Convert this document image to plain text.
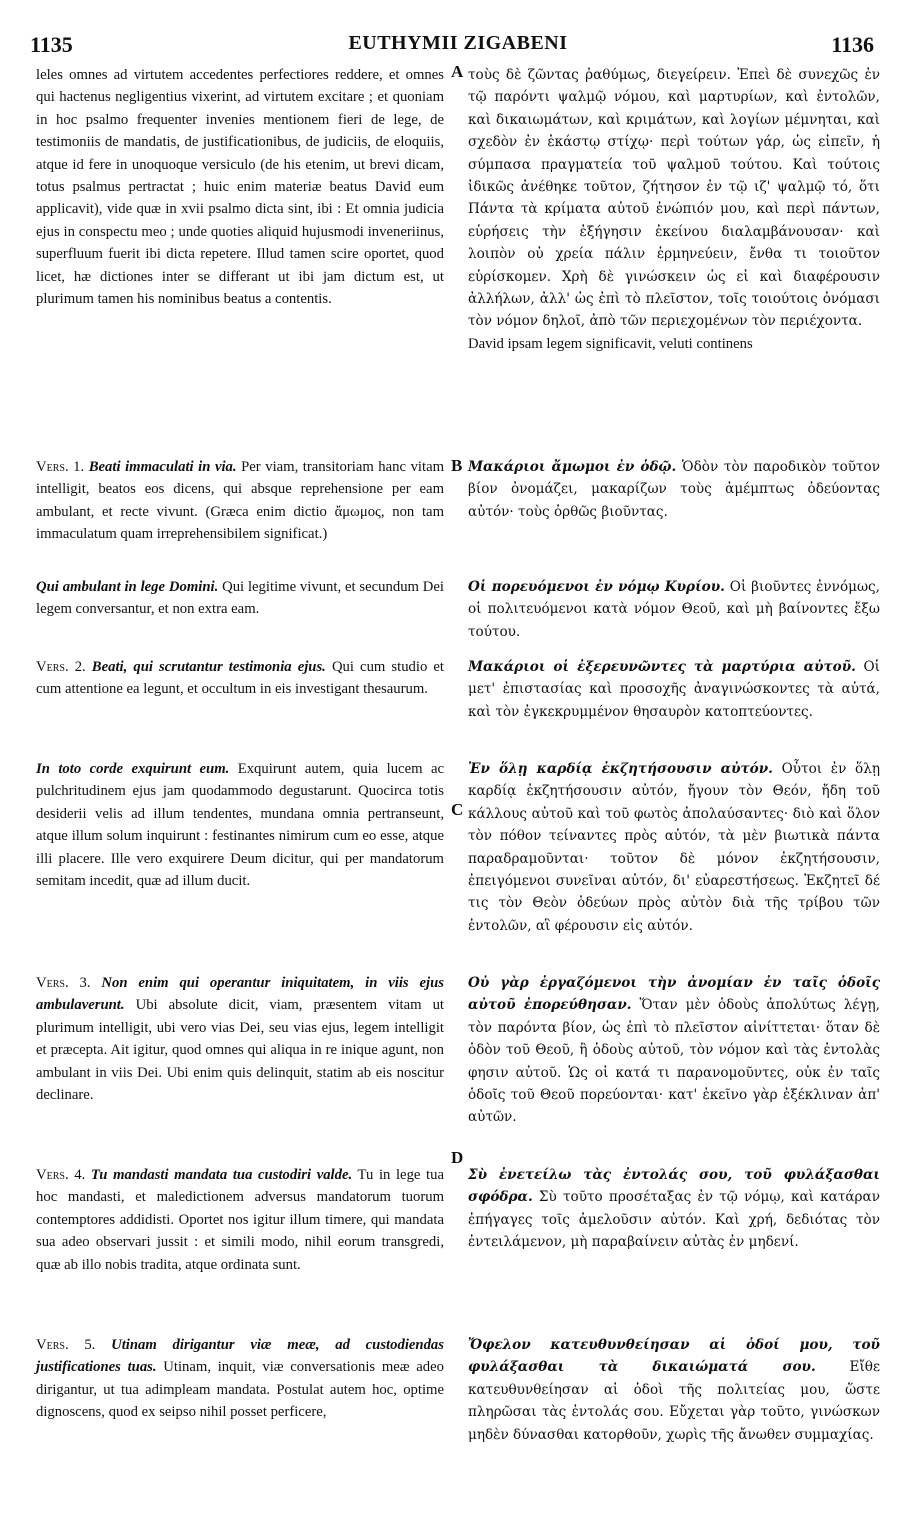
1135	EUTHYMII ZIGABENI	1136
A
B
C
D

leles omnes ad virtutem accedentes perfectiores reddere, et omnes qui hactenus negligentius vixerint, ad virtutem excitare ; et quoniam in hoc psalmo frequenter invenies mentionem fieri de lege, de testimoniis de mandatis, de justificationibus, de judiciis, de eloquiis, atque id fere in unoquoque versiculo (de his etenim, ut brevi dicam, totus psalmus pertractat ; huic enim materiæ beatus David eum applicavit), vide quæ in xvii psalmo dicta sint, ibi : Et omnia judicia ejus in conspectu meo ; unde quoties aliquid hujusmodi inveneriinus, superfluum fuerit ibi dicta repetere. Illud tamen scire oportet, quod licet, hæ dictiones inter se differant ut ibi jam dictum est, ut plurimum tamen his nominibus beatus a contentis.

Vers. 1. Beati immaculati in via. Per viam, transitoriam hanc vitam intelligit, beatos eos dicens, qui absque reprehensione per eam ambulant, et recte vivunt. (Græca enim dictio ἄμωμος, non tam immaculatum quam irreprehensibilem significat.)

Qui ambulant in lege Domini. Qui legitime vivunt, et secundum Dei legem conversantur, et non extra eam.

Vers. 2. Beati, qui scrutantur testimonia ejus. Qui cum studio et cum attentione ea legunt, et occultum in eis investigant thesaurum.

In toto corde exquirunt eum. Exquirunt autem, quia lucem ac pulchritudinem ejus jam quodammodo degustarunt. Quocirca totis desiderii velis ad illum tendentes, mundana omnia pertranseunt, atque illum solum inquirunt : festinantes nimirum cum eo esse, atque illi placere. Ille vero exquirere Deum dicitur, qui per mandatorum semitam incedit, quæ ad illum ducit.

Vers. 3. Non enim qui operantur iniquitatem, in viis ejus ambulaverunt. Ubi absolute dicit, viam, præsentem vitam ut plurimum intelligit, ubi vero vias Dei, seu vias ejus, legem intelligit et præcepta. Ait igitur, quod omnes qui aliqua in re inique agunt, non ambulant in viis Dei. Ubi enim quis delinquit, statim ab eis noscitur declinare.

Vers. 4. Tu mandasti mandata tua custodiri valde. Tu in lege tua hoc mandasti, et maledictionem adversus mandatorum tuorum contemptores addidisti. Oportet nos igitur illum timere, qui mandata sua adeo observari jussit : et simili modo, nihil eorum transgredi, quæ ab illo nobis tradita, atque ordinata sunt.

Vers. 5. Utinam dirigantur viæ meæ, ad custodiendas justificationes tuas. Utinam, inquit, viæ conversationis meæ adeo dirigantur, ut tua adimpleam mandata. Postulat autem hoc, optime dignoscens, quod ex seipso nihil posset perficere,

τοὺς δὲ ζῶντας ῥαθύμως, διεγείρειν. Ἐπεὶ δὲ συνεχῶς ἐν τῷ παρόντι ψαλμῷ νόμου, καὶ μαρτυρίων, καὶ ἐντολῶν, καὶ δικαιωμάτων, καὶ κριμάτων, καὶ λογίων μέμνηται, καὶ σχεδὸν ἐν ἑκάστῳ στίχῳ· περὶ τούτων γάρ, ὡς εἰπεῖν, ἡ σύμπασα πραγματεία τοῦ ψαλμοῦ τούτου. Καὶ τούτοις ἰδικῶς ἀνέθηκε τοῦτον, ζήτησον ἐν τῷ ιζ' ψαλμῷ τό, ὅτι Πάντα τὰ κρίματα αὐτοῦ ἐνώπιόν μου, καὶ περὶ πάντων, εὑρήσεις τὴν ἐξήγησιν ἐκείνου διαλαμβάνουσαν· καὶ λοιπὸν οὐ χρεία πάλιν ἑρμηνεύειν, ἔνθα τι τοιοῦτον εὑρίσκομεν. Χρὴ δὲ γινώσκειν ὡς εἰ καὶ διαφέρουσιν ἀλλήλων, ἀλλ' ὡς ἐπὶ τὸ πλεῖστον, τοῖς τοιούτοις ὀνόμασι τὸν νόμον δηλοῖ, ἀπὸ τῶν περιεχομένων τὸν περιέχοντα.

David ipsam legem significavit, veluti continens

Μακάριοι ἄμωμοι ἐν ὁδῷ. Ὁδὸν τὸν παροδικὸν τοῦτον βίον ὀνομάζει, μακαρίζων τοὺς ἀμέμπτως ὁδεύοντας αὐτόν· τοὺς ὀρθῶς βιοῦντας.

Οἱ πορευόμενοι ἐν νόμῳ Κυρίου. Οἱ βιοῦντες ἐννόμως, οἱ πολιτευόμενοι κατὰ νόμον Θεοῦ, καὶ μὴ βαίνοντες ἔξω τούτου.

Μακάριοι οἱ ἐξερευνῶντες τὰ μαρτύρια αὐτοῦ. Οἱ μετ' ἐπιστασίας καὶ προσοχῆς ἀναγινώσκοντες τὰ αὐτά, καὶ τὸν ἐγκεκρυμμένον θησαυρὸν κατοπτεύοντες.

Ἐν ὅλῃ καρδίᾳ ἐκζητήσουσιν αὐτόν. Οὗτοι ἐν ὅλῃ καρδίᾳ ἐκζητήσουσιν αὐτόν, ἤγουν τὸν Θεόν, ἤδη τοῦ κάλλους αὐτοῦ καὶ τοῦ φωτὸς ἀπολαύσαντες· διὸ καὶ ὅλον τὸν πόθον τείναντες πρὸς αὐτόν, τὰ μὲν βιωτικὰ πάντα παραδραμοῦνται· τοῦτον δὲ μόνον ἐκζητήσουσιν, ἐπειγόμενοι συνεῖναι αὐτόν, δι' εὐαρεστήσεως. Ἐκζητεῖ δέ τις τὸν Θεὸν ὁδεύων πρὸς αὐτὸν διὰ τῆς τρίβου τῶν ἐντολῶν, αἳ φέρουσιν εἰς αὐτόν.

Οὐ γὰρ ἐργαζόμενοι τὴν ἀνομίαν ἐν ταῖς ὁδοῖς αὐτοῦ ἐπορεύθησαν. Ὅταν μὲν ὁδοὺς ἀπολύτως λέγῃ, τὸν παρόντα βίον, ὡς ἐπὶ τὸ πλεῖστον αἰνίττεται· ὅταν δὲ ὁδὸν τοῦ Θεοῦ, ἢ ὁδοὺς αὐτοῦ, τὸν νόμον καὶ τὰς ἐντολὰς φησιν αὐτοῦ. Ὡς οἱ κατά τι παρανομοῦντες, οὐκ ἐν ταῖς ὁδοῖς τοῦ Θεοῦ πορεύονται· κατ' ἐκεῖνο γὰρ ἐξέκλιναν ἀπ' αὐτῶν.

Σὺ ἐνετείλω τὰς ἐντολάς σου, τοῦ φυλάξασθαι σφόδρα. Σὺ τοῦτο προσέταξας ἐν τῷ νόμῳ, καὶ κατάραν ἐπήγαγες τοῖς ἀμελοῦσιν αὐτόν. Καὶ χρή, δεδιότας τὸν ἐντειλάμενον, μὴ παραβαίνειν αὐτὰς ἐν μηδενί.

Ὄφελον κατευθυνθείησαν αἱ ὁδοί μου, τοῦ φυλάξασθαι τὰ δικαιώματά σου. Εἴθε κατευθυνθείησαν αἱ ὁδοὶ τῆς πολιτείας μου, ὥστε πληρῶσαι τὰς ἐντολάς σου. Εὔχεται γὰρ τοῦτο, γινώσκων μηδὲν δύνασθαι κατορθοῦν, χωρὶς τῆς ἄνωθεν συμμαχίας.
